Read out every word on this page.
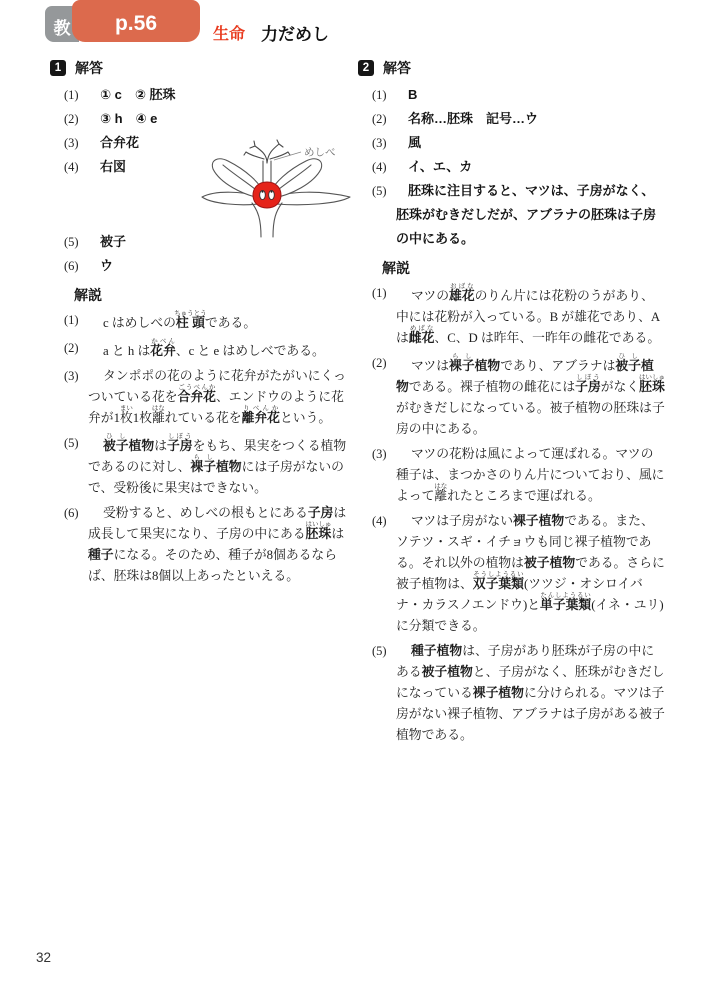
教 p.56	生命 力だめし
1 解答
(1) ① c　② 胚珠
(2) ③ h　④ e
(3) 合弁花
(4) 右図
(5) 被子
(6) ウ
解説
(1) c はめしべの柱頭ちゅうとうである。
(2) a と h は花弁かべん、c と e はめしべである。
(3) タンポポの花のように花弁がたがいにくっついている花を合弁花ごうべんか、エンドウのように花弁が1枚まい1枚離はなれている花を離弁花りべんかという。
(5) 被子ひし植物は子房しぼうをもち、果実をつくる植物であるのに対し、裸子らし植物には子房がないので、受粉後に果実はできない。
(6) 受粉すると、めしべの根もとにある子房は成長して果実になり、子房の中にある胚珠はいしゅは種子になる。そのため、種子が8個あるならば、胚珠は8個以上あったといえる。
2 解答
(1) B
(2) 名称…胚珠　記号…ウ
(3) 風
(4) イ、エ、カ
(5) 胚珠に注目すると、マツは、子房がなく、胚珠がむきだしだが、アブラナの胚珠は子房の中にある。
解説
(1) マツの雄花おばなのりん片には花粉のうがあり、中には花粉が入っている。B が雄花であり、A は雌花めばな、C、D は昨年、一昨年の雌花である。
(2) マツは裸子らし植物であり、アブラナは被子ひし植物である。裸子植物の雌花には子房しぼうがなく胚珠はいしゅがむきだしになっている。被子植物の胚珠は子房の中にある。
(3) マツの花粉は風によって運ばれる。マツの種子は、まつかさのりん片についており、風によって離はなれたところまで運ばれる。
(4) マツは子房がない裸子植物である。また、ソテツ・スギ・イチョウも同じ裸子植物である。それ以外の植物は被子植物である。さらに被子植物は、双子葉類そうしようるい(ツツジ・オシロイバナ・カラスノエンドウ)と単子葉類たんしようるい(イネ・ユリ)に分類できる。
(5) 種子植物は、子房があり胚珠が子房の中にある被子植物と、子房がなく、胚珠がむきだしになっている裸子植物に分けられる。マツは子房がない裸子植物、アブラナは子房がある被子植物である。
めしべ
32
